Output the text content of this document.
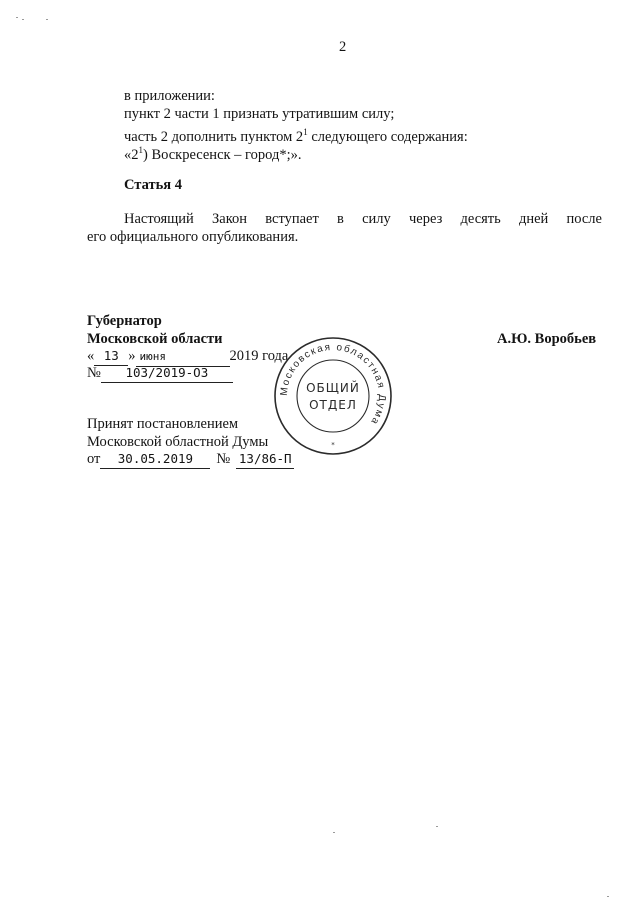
2
в приложении:
пункт 2 части 1 признать утратившим силу;
часть 2 дополнить пунктом $2^1$ следующего содержания:
«$2^1$) Воскресенск – город*;».
Статья 4
Настоящий Закон вступает в силу через десять дней после
его официального опубликования.
Губернатор
Московской области	А.Ю. Воробьев
« 13 » июня	2019 года
№ 103/2019-ОЗ
Принят постановлением
Московской областной Думы
от 30.05.2019 № 13/86-П
Московская областная Дума
ОБЩИЙ
ОТДЕЛ
*
